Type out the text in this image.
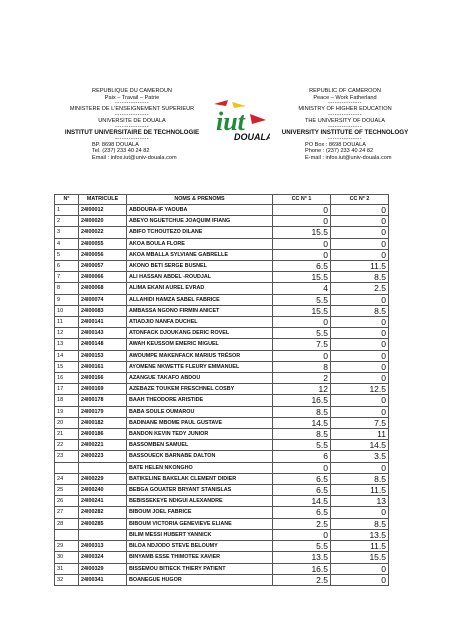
REPUBLIQUE DU CAMEROUN
Paix – Travail – Patrie
---------------
MINISTERE DE L'ENSEIGNEMENT SUPERIEUR
---------------
UNIVERSITE DE DOUALA
---------------
INSTITUT UNIVERSITAIRE DE TECHNOLOGIE
---------------
BP. 8698 DOUALA
Tel. (237) 233 40 24 82
Email : infos.iut@univ-douala.com
iut
DOUALA
REPUBLIC OF CAMEROON
Peace – Work Fatherland
---------------
MINISTRY OF HIGHER EDUCATION
---------------
THE UNIVERSITY OF DOUALA
---------------
UNIVERSITY INSTITUTE OF TECHNOLOGY
---------------
PO Box : 8698 DOUALA
Phone : (237) 233 40 24 82
E-mail : infos.iut@univ-douala.com
N°	MATRICULE	NOMS & PRENOMS	CC N° 1	CC N° 2
1	24I00012	ABDOURA-IF YAOUBA	0	0
2	24I00020	ABEYO NGUETCHUE JOAQUIM IFIANG	0	0
3	24I00022	ABIFO TCHOUTEZO DILANE	15.5	0
4	24I00055	AKOA BOULA FLORE	0	0
5	24I00056	AKOA MBALLA SYLVIANE GABRELLE	0	0
6	24I00057	AKONO BETI SERGE BUSNEL	6.5	11.5
7	24I00066	ALI HASSAN ABDEL -ROUDJAL	15.5	8.5
8	24I00068	ALIMA EKANI AUREL EVRAD	4	2.5
9	24I00074	ALLAHIDI HAMZA SABEL FABRICE	5.5	0
10	24I00083	AMBASSA NGONO FIRMIN ANICET	15.5	8.5
11	24I00141	ATIADJIO NANFA DUCHEL	0	0
12	24I00143	ATONFACK DJOUKANG DERIC ROVEL	5.5	0
13	24I00148	AWAH KEUSSOM EMERIC MIGUEL	7.5	0
14	24I00153	AWOUMPE MAKENFACK MARIUS TRÉSOR	0	0
15	24I00161	AYOMENE NKWETTE FLEURY EMMANUEL	8	0
16	24I00166	AZANGUE TAKAFO ABDOU	2	0
17	24I00169	AZEBAZE TOUKEM FRESCHNEL COSBY	12	12.5
18	24I00178	BAAH THEODORE ARISTIDE	16.5	0
19	24I00179	BABA SOULE OUMAROU	8.5	0
20	24I00182	BADINANE MBOME PAUL GUSTAVE	14.5	7.5
21	24I00186	BANDON KEVIN TEDY JUNIOR	8.5	11
22	24I00221	BASSOMBEN SAMUEL	5.5	14.5
23	24I00223	BASSOUECK BARNABE DALTON	6	3.5
		BATE HELEN NKONGHO	0	0
24	24I00229	BATIKELINE BAKELAK CLEMENT DIDIER	6.5	8.5
25	24I00240	BEBGA GOUATER BRYANT STANISLAS	6.5	11.5
26	24I00241	BEBISSEKEYE NDIGUI ALEXANDRE	14.5	13
27	24I00282	BIBOUM JOEL FABRICE	6.5	0
28	24I00285	BIBOUM VICTORIA GENEVIEVE ELIANE	2.5	8.5
		BILIM MESSI HUBERT YANNICK	0	13.5
29	24I00313	BILOA NDJODO STEVE BELOUMY	5.5	11.5
30	24I00324	BINYAMB ESSE THIMOTEE XAVIER	13.5	15.5
31	24I00329	BISSEMOU BITIECK THIERY PATIENT	16.5	0
32	24I00341	BOANEGUE HUGOR	2.5	0
